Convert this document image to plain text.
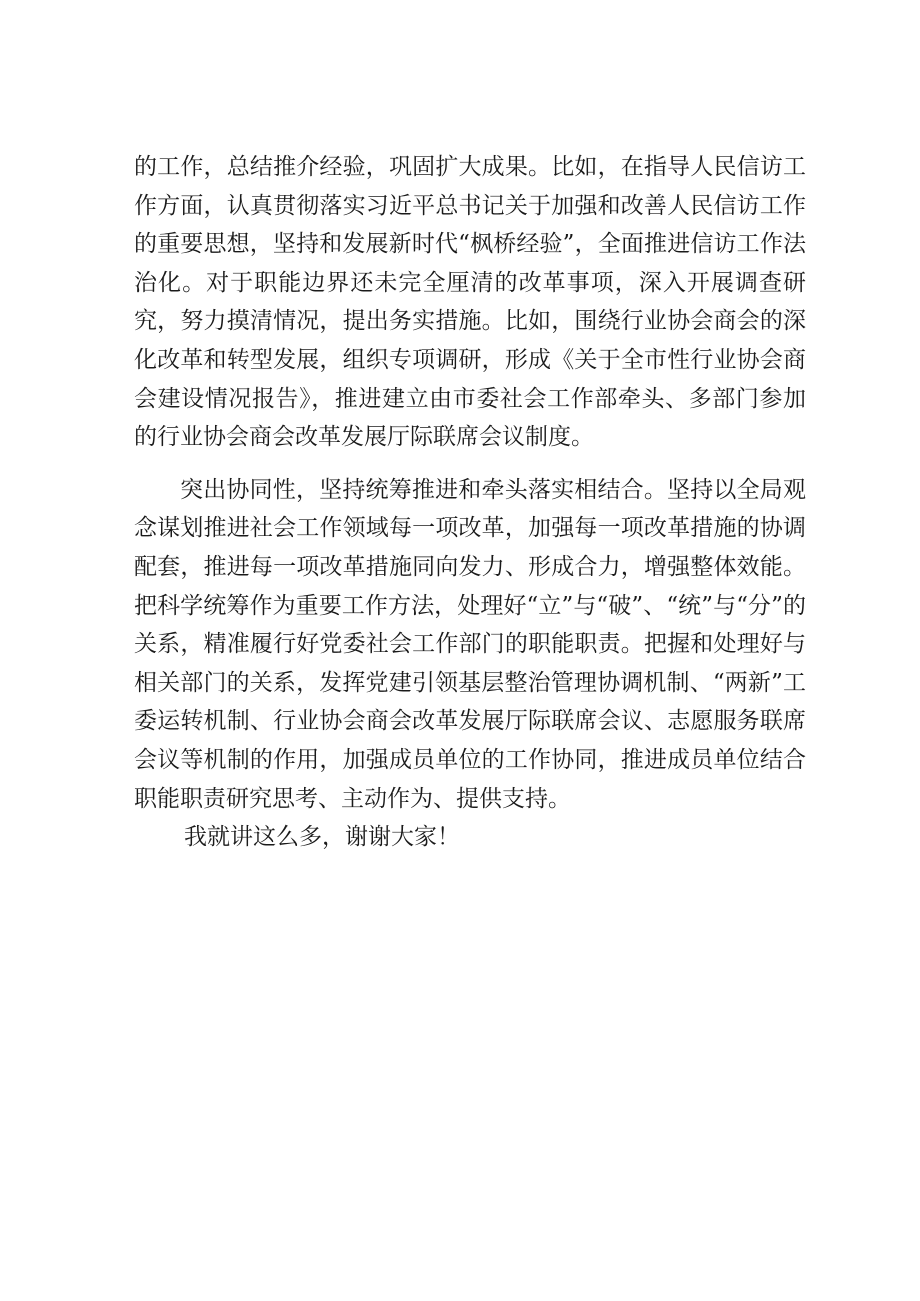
的工作，总结推介经验，巩固扩大成果。比如，在指导人民信访工作方面，认真贯彻落实习近平总书记关于加强和改善人民信访工作的重要思想，坚持和发展新时代“枫桥经验”，全面推进信访工作法治化。对于职能边界还未完全厘清的改革事项，深入开展调查研究，努力摸清情况，提出务实措施。比如，围绕行业协会商会的深化改革和转型发展，组织专项调研，形成《关于全市性行业协会商会建设情况报告》，推进建立由市委社会工作部牵头、多部门参加的行业协会商会改革发展厅际联席会议制度。

突出协同性，坚持统筹推进和牵头落实相结合。坚持以全局观念谋划推进社会工作领域每一项改革，加强每一项改革措施的协调配套，推进每一项改革措施同向发力、形成合力，增强整体效能。把科学统筹作为重要工作方法，处理好“立”与“破”、“统”与“分”的关系，精准履行好党委社会工作部门的职能职责。把握和处理好与相关部门的关系，发挥党建引领基层整治管理协调机制、“两新”工委运转机制、行业协会商会改革发展厅际联席会议、志愿服务联席会议等机制的作用，加强成员单位的工作协同，推进成员单位结合职能职责研究思考、主动作为、提供支持。

我就讲这么多，谢谢大家！
